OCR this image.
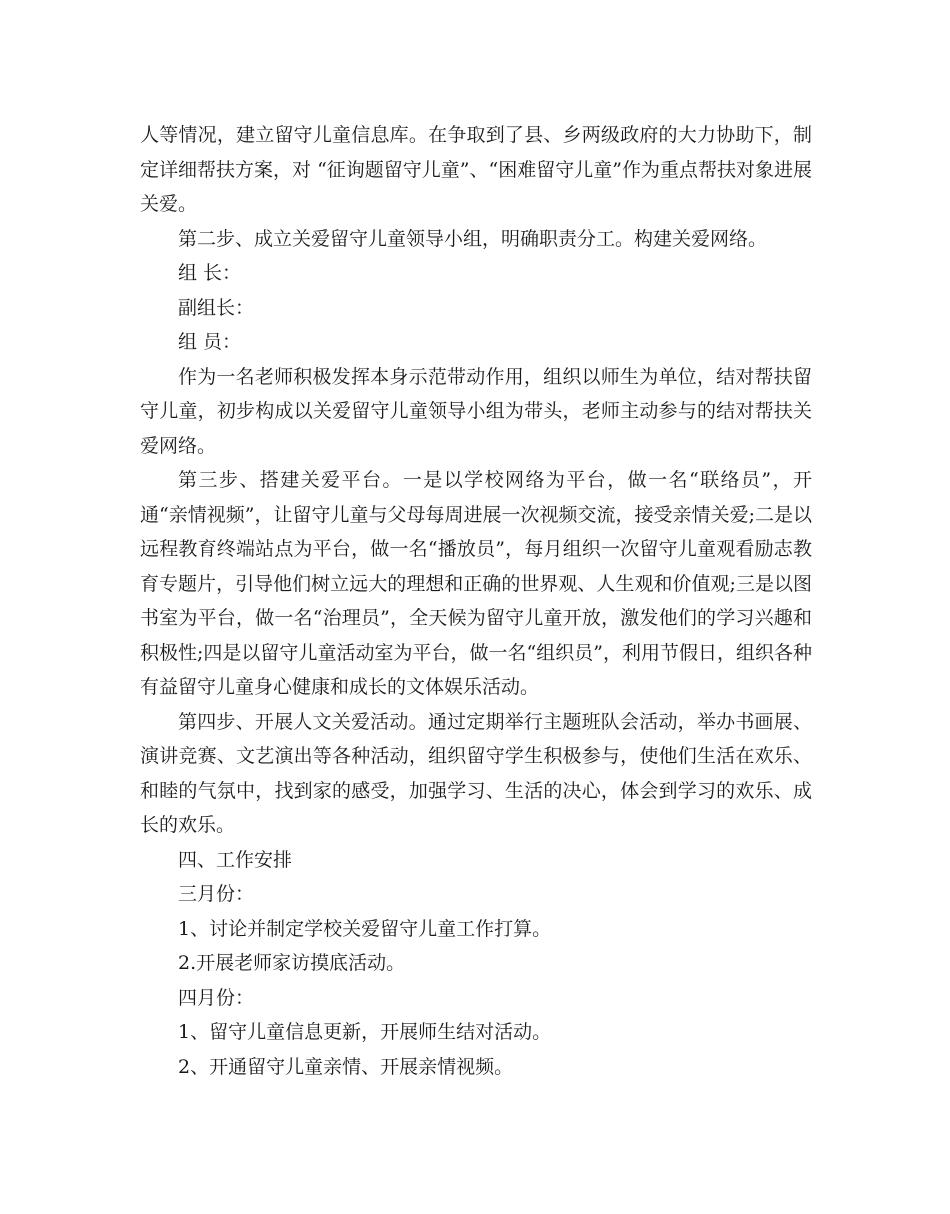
人等情况，建立留守儿童信息库。在争取到了县、乡两级政府的大力协助下，制定详细帮扶方案，对 “征询题留守儿童”、“困难留守儿童”作为重点帮扶对象进展关爱。

第二步、成立关爱留守儿童领导小组，明确职责分工。构建关爱网络。

组 长：

副组长：

组 员：

作为一名老师积极发挥本身示范带动作用，组织以师生为单位，结对帮扶留守儿童，初步构成以关爱留守儿童领导小组为带头，老师主动参与的结对帮扶关爱网络。

第三步、搭建关爱平台。一是以学校网络为平台，做一名“联络员”，开通“亲情视频”，让留守儿童与父母每周进展一次视频交流，接受亲情关爱;二是以远程教育终端站点为平台，做一名“播放员”，每月组织一次留守儿童观看励志教育专题片，引导他们树立远大的理想和正确的世界观、人生观和价值观;三是以图书室为平台，做一名“治理员”，全天候为留守儿童开放，激发他们的学习兴趣和积极性;四是以留守儿童活动室为平台，做一名“组织员”，利用节假日，组织各种有益留守儿童身心健康和成长的文体娱乐活动。

第四步、开展人文关爱活动。通过定期举行主题班队会活动，举办书画展、演讲竞赛、文艺演出等各种活动，组织留守学生积极参与，使他们生活在欢乐、和睦的气氛中，找到家的感受，加强学习、生活的决心，体会到学习的欢乐、成长的欢乐。

四、工作安排

三月份：

1、讨论并制定学校关爱留守儿童工作打算。

2.开展老师家访摸底活动。

四月份：

1、留守儿童信息更新，开展师生结对活动。

2、开通留守儿童亲情、开展亲情视频。
